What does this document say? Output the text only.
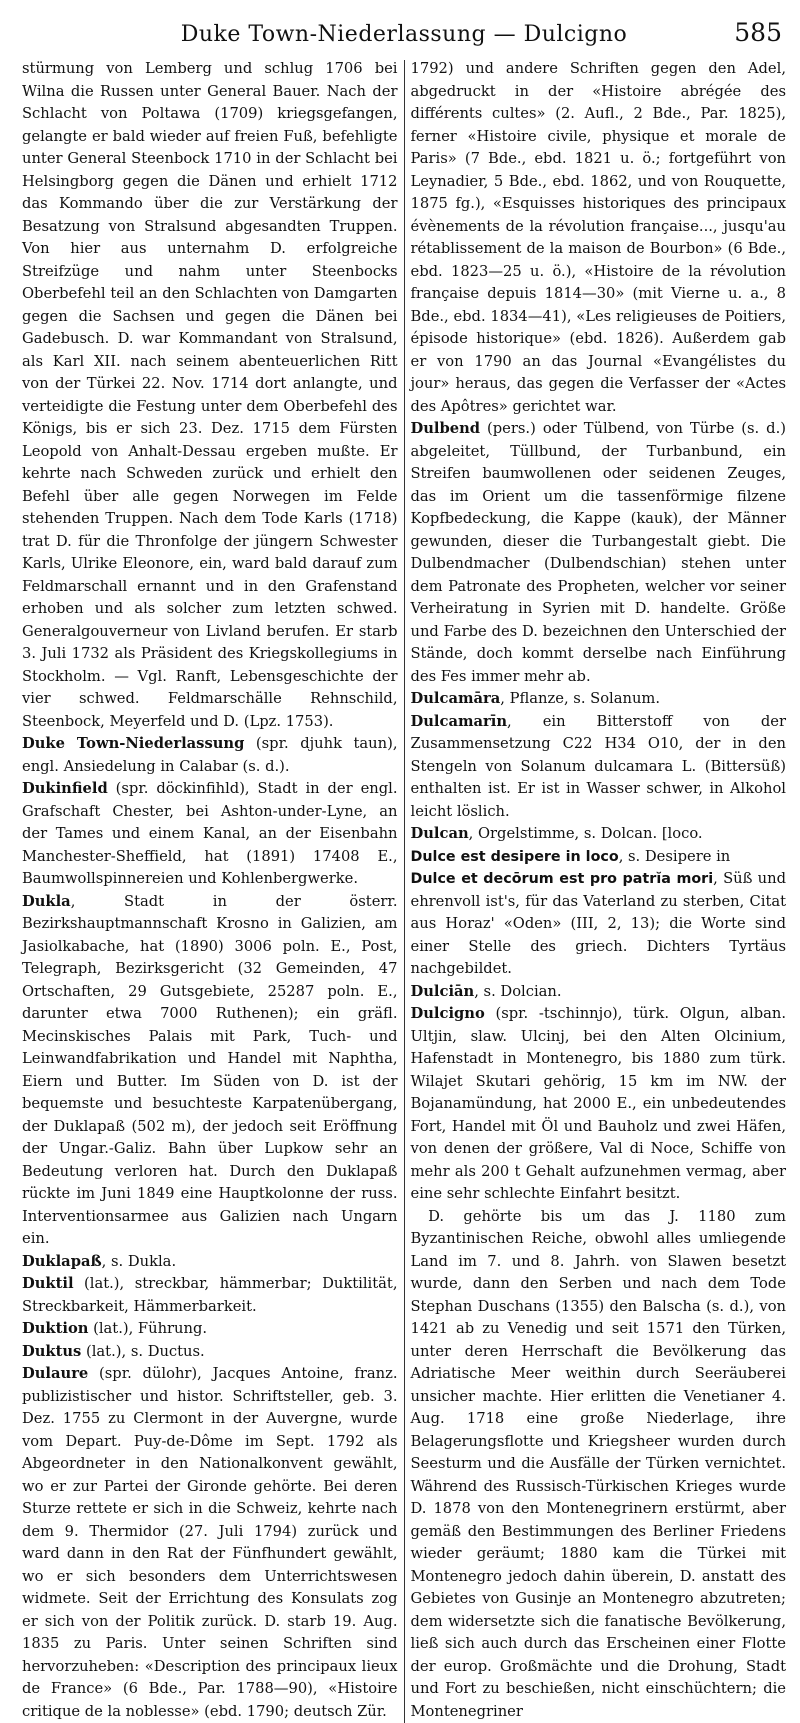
Duke Town-Niederlassung — Dulcigno	585

stürmung von Lemberg und schlug 1706 bei Wilna die Russen unter General Bauer. Nach der Schlacht von Poltawa (1709) kriegsgefangen, gelangte er bald wieder auf freien Fuß, befehligte unter General Steenbock 1710 in der Schlacht bei Helsingborg gegen die Dänen und erhielt 1712 das Kommando über die zur Verstärkung der Besatzung von Stralsund abgesandten Truppen. Von hier aus unternahm D. erfolgreiche Streifzüge und nahm unter Steenbocks Oberbefehl teil an den Schlachten von Damgarten gegen die Sachsen und gegen die Dänen bei Gadebusch. D. war Kommandant von Stralsund, als Karl XII. nach seinem abenteuerlichen Ritt von der Türkei 22. Nov. 1714 dort anlangte, und verteidigte die Festung unter dem Oberbefehl des Königs, bis er sich 23. Dez. 1715 dem Fürsten Leopold von Anhalt-Dessau ergeben mußte. Er kehrte nach Schweden zurück und erhielt den Befehl über alle gegen Norwegen im Felde stehenden Truppen. Nach dem Tode Karls (1718) trat D. für die Thronfolge der jüngern Schwester Karls, Ulrike Eleonore, ein, ward bald darauf zum Feldmarschall ernannt und in den Grafenstand erhoben und als solcher zum letzten schwed. Generalgouverneur von Livland berufen. Er starb 3. Juli 1732 als Präsident des Kriegskollegiums in Stockholm. — Vgl. Ranft, Lebensgeschichte der vier schwed. Feldmarschälle Rehnschild, Steenbock, Meyerfeld und D. (Lpz. 1753).

Duke Town-Niederlassung (spr. djuhk taun), engl. Ansiedelung in Calabar (s. d.).

Dukinfield (spr. döckinfihld), Stadt in der engl. Grafschaft Chester, bei Ashton-under-Lyne, an der Tames und einem Kanal, an der Eisenbahn Manchester-Sheffield, hat (1891) 17408 E., Baumwollspinnereien und Kohlenbergwerke.

Dukla, Stadt in der österr. Bezirkshauptmannschaft Krosno in Galizien, am Jasiolkabache, hat (1890) 3006 poln. E., Post, Telegraph, Bezirksgericht (32 Gemeinden, 47 Ortschaften, 29 Gutsgebiete, 25287 poln. E., darunter etwa 7000 Ruthenen); ein gräfl. Mecinskisches Palais mit Park, Tuch- und Leinwandfabrikation und Handel mit Naphtha, Eiern und Butter. Im Süden von D. ist der bequemste und besuchteste Karpatenübergang, der Duklapaß (502 m), der jedoch seit Eröffnung der Ungar.-Galiz. Bahn über Lupkow sehr an Bedeutung verloren hat. Durch den Duklapaß rückte im Juni 1849 eine Hauptkolonne der russ. Interventionsarmee aus Galizien nach Ungarn ein.

Duklapaß, s. Dukla.

Duktil (lat.), streckbar, hämmerbar; Duktilität, Streckbarkeit, Hämmerbarkeit.

Duktion (lat.), Führung.

Duktus (lat.), s. Ductus.

Dulaure (spr. dülohr), Jacques Antoine, franz. publizistischer und histor. Schriftsteller, geb. 3. Dez. 1755 zu Clermont in der Auvergne, wurde vom Depart. Puy-de-Dôme im Sept. 1792 als Abgeordneter in den Nationalkonvent gewählt, wo er zur Partei der Gironde gehörte. Bei deren Sturze rettete er sich in die Schweiz, kehrte nach dem 9. Thermidor (27. Juli 1794) zurück und ward dann in den Rat der Fünfhundert gewählt, wo er sich besonders dem Unterrichtswesen widmete. Seit der Errichtung des Konsulats zog er sich von der Politik zurück. D. starb 19. Aug. 1835 zu Paris. Unter seinen Schriften sind hervorzuheben: «Description des principaux lieux de France» (6 Bde., Par. 1788—90), «Histoire critique de la noblesse» (ebd. 1790; deutsch Zür.

1792) und andere Schriften gegen den Adel, abgedruckt in der «Histoire abrégée des différents cultes» (2. Aufl., 2 Bde., Par. 1825), ferner «Histoire civile, physique et morale de Paris» (7 Bde., ebd. 1821 u. ö.; fortgeführt von Leynadier, 5 Bde., ebd. 1862, und von Rouquette, 1875 fg.), «Esquisses historiques des principaux évènements de la révolution française..., jusqu'au rétablissement de la maison de Bourbon» (6 Bde., ebd. 1823—25 u. ö.), «Histoire de la révolution française depuis 1814—30» (mit Vierne u. a., 8 Bde., ebd. 1834—41), «Les religieuses de Poitiers, épisode historique» (ebd. 1826). Außerdem gab er von 1790 an das Journal «Evangélistes du jour» heraus, das gegen die Verfasser der «Actes des Apôtres» gerichtet war.

Dulbend (pers.) oder Tülbend, von Türbe (s. d.) abgeleitet, Tüllbund, der Turbanbund, ein Streifen baumwollenen oder seidenen Zeuges, das im Orient um die tassenförmige filzene Kopfbedeckung, die Kappe (kauk), der Männer gewunden, dieser die Turbangestalt giebt. Die Dulbendmacher (Dulbendschian) stehen unter dem Patronate des Propheten, welcher vor seiner Verheiratung in Syrien mit D. handelte. Größe und Farbe des D. bezeichnen den Unterschied der Stände, doch kommt derselbe nach Einführung des Fes immer mehr ab.

Dulcamāra, Pflanze, s. Solanum.

Dulcamarīn, ein Bitterstoff von der Zusammensetzung C22 H34 O10, der in den Stengeln von Solanum dulcamara L. (Bittersüß) enthalten ist. Er ist in Wasser schwer, in Alkohol leicht löslich.

Dulcan, Orgelstimme, s. Dolcan. [loco.

Dulce est desipere in loco, s. Desipere in

Dulce et decōrum est pro patrĭa mori, Süß und ehrenvoll ist's, für das Vaterland zu sterben, Citat aus Horaz' «Oden» (III, 2, 13); die Worte sind einer Stelle des griech. Dichters Tyrtäus nachgebildet.

Dulciān, s. Dolcian.

Dulcigno (spr. -tschinnjo), türk. Olgun, alban. Ultjin, slaw. Ulcinj, bei den Alten Olcinium, Hafenstadt in Montenegro, bis 1880 zum türk. Wilajet Skutari gehörig, 15 km im NW. der Bojanamündung, hat 2000 E., ein unbedeutendes Fort, Handel mit Öl und Bauholz und zwei Häfen, von denen der größere, Val di Noce, Schiffe von mehr als 200 t Gehalt aufzunehmen vermag, aber eine sehr schlechte Einfahrt besitzt.

D. gehörte bis um das J. 1180 zum Byzantinischen Reiche, obwohl alles umliegende Land im 7. und 8. Jahrh. von Slawen besetzt wurde, dann den Serben und nach dem Tode Stephan Duschans (1355) den Balscha (s. d.), von 1421 ab zu Venedig und seit 1571 den Türken, unter deren Herrschaft die Bevölkerung das Adriatische Meer weithin durch Seeräuberei unsicher machte. Hier erlitten die Venetianer 4. Aug. 1718 eine große Niederlage, ihre Belagerungsflotte und Kriegsheer wurden durch Seesturm und die Ausfälle der Türken vernichtet. Während des Russisch-Türkischen Krieges wurde D. 1878 von den Montenegrinern erstürmt, aber gemäß den Bestimmungen des Berliner Friedens wieder geräumt; 1880 kam die Türkei mit Montenegro jedoch dahin überein, D. anstatt des Gebietes von Gusinje an Montenegro abzutreten; dem widersetzte sich die fanatische Bevölkerung, ließ sich auch durch das Erscheinen einer Flotte der europ. Großmächte und die Drohung, Stadt und Fort zu beschießen, nicht einschüchtern; die Montenegriner
